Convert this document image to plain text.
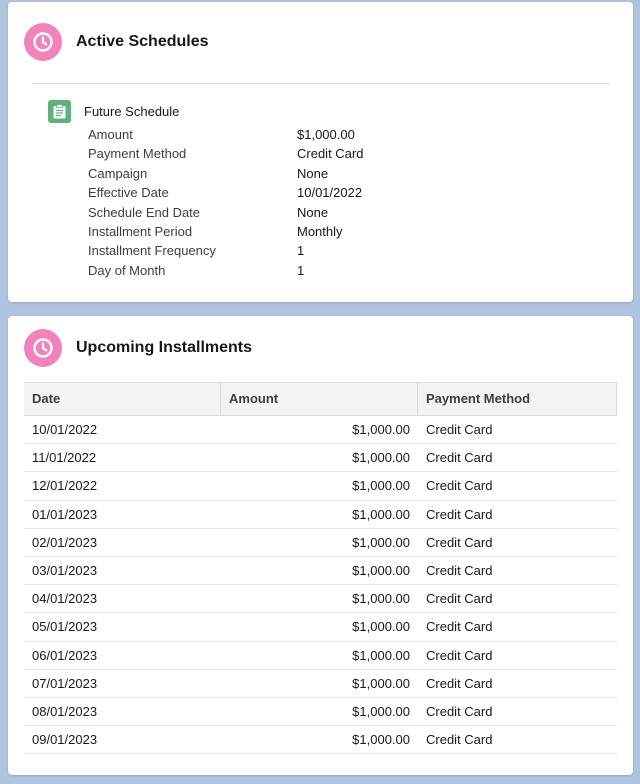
Active Schedules
Future Schedule
Amount	$1,000.00
Payment Method	Credit Card
Campaign	None
Effective Date	10/01/2022
Schedule End Date	None
Installment Period	Monthly
Installment Frequency	1
Day of Month	1
Upcoming Installments
Date	Amount	Payment Method
10/01/2022	$1,000.00	Credit Card
11/01/2022	$1,000.00	Credit Card
12/01/2022	$1,000.00	Credit Card
01/01/2023	$1,000.00	Credit Card
02/01/2023	$1,000.00	Credit Card
03/01/2023	$1,000.00	Credit Card
04/01/2023	$1,000.00	Credit Card
05/01/2023	$1,000.00	Credit Card
06/01/2023	$1,000.00	Credit Card
07/01/2023	$1,000.00	Credit Card
08/01/2023	$1,000.00	Credit Card
09/01/2023	$1,000.00	Credit Card
